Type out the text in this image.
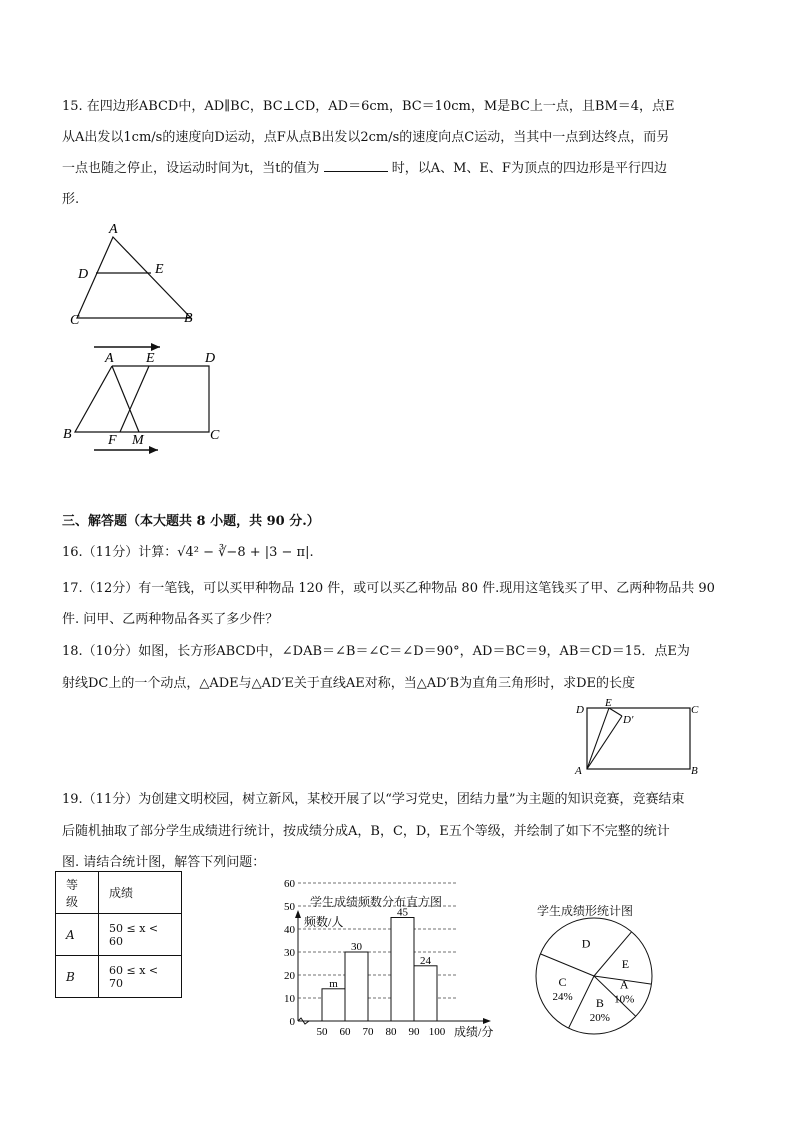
15. 在四边形ABCD中，AD∥BC，BC⊥CD，AD＝6cm，BC＝10cm，M是BC上一点，且BM＝4，点E
从A出发以1cm/s的速度向D运动，点F从点B出发以2cm/s的速度向点C运动，当其中一点到达终点，而另
一点也随之停止，设运动时间为t，当t的值为	时，以A、M、E、F为顶点的四边形是平行四边
形.
A
D	E
C	B
A E	D
B	F M	C
三、解答题（本大题共 8 小题，共 90 分.）
16.（11分）计算：√4² − ∛−8 + |3 − π|.
17.（12分）有一笔钱，可以买甲种物品 120 件，或可以买乙种物品 80 件.现用这笔钱买了甲、乙两种物品共 90
件. 问甲、乙两种物品各买了多少件？
18.（10分）如图，长方形ABCD中，∠DAB＝∠B＝∠C＝∠D＝90°，AD＝BC＝9，AB＝CD＝15．点E为
射线DC上的一个动点，△ADE与△AD′E关于直线AE对称，当△AD′B为直角三角形时，求DE的长度
D
E
D′
C
A	B
19.（11分）为创建文明校园，树立新风，某校开展了以“学习党史，团结力量”为主题的知识竞赛，竞赛结束
后随机抽取了部分学生成绩进行统计，按成绩分成A，B，C，D，E五个等级，并绘制了如下不完整的统计
图. 请结合统计图，解答下列问题：
等级	成绩
A	50 ≤ x < 60
B	60 ≤ x < 70
学生成绩频数分布直方图
0
10
20
30
40
50
60
50 60 70 80 90 100
m
30
45
24
频数/人
成绩/分
学生成绩形统计图
A
10%
B
20%
C
24%
D
E
